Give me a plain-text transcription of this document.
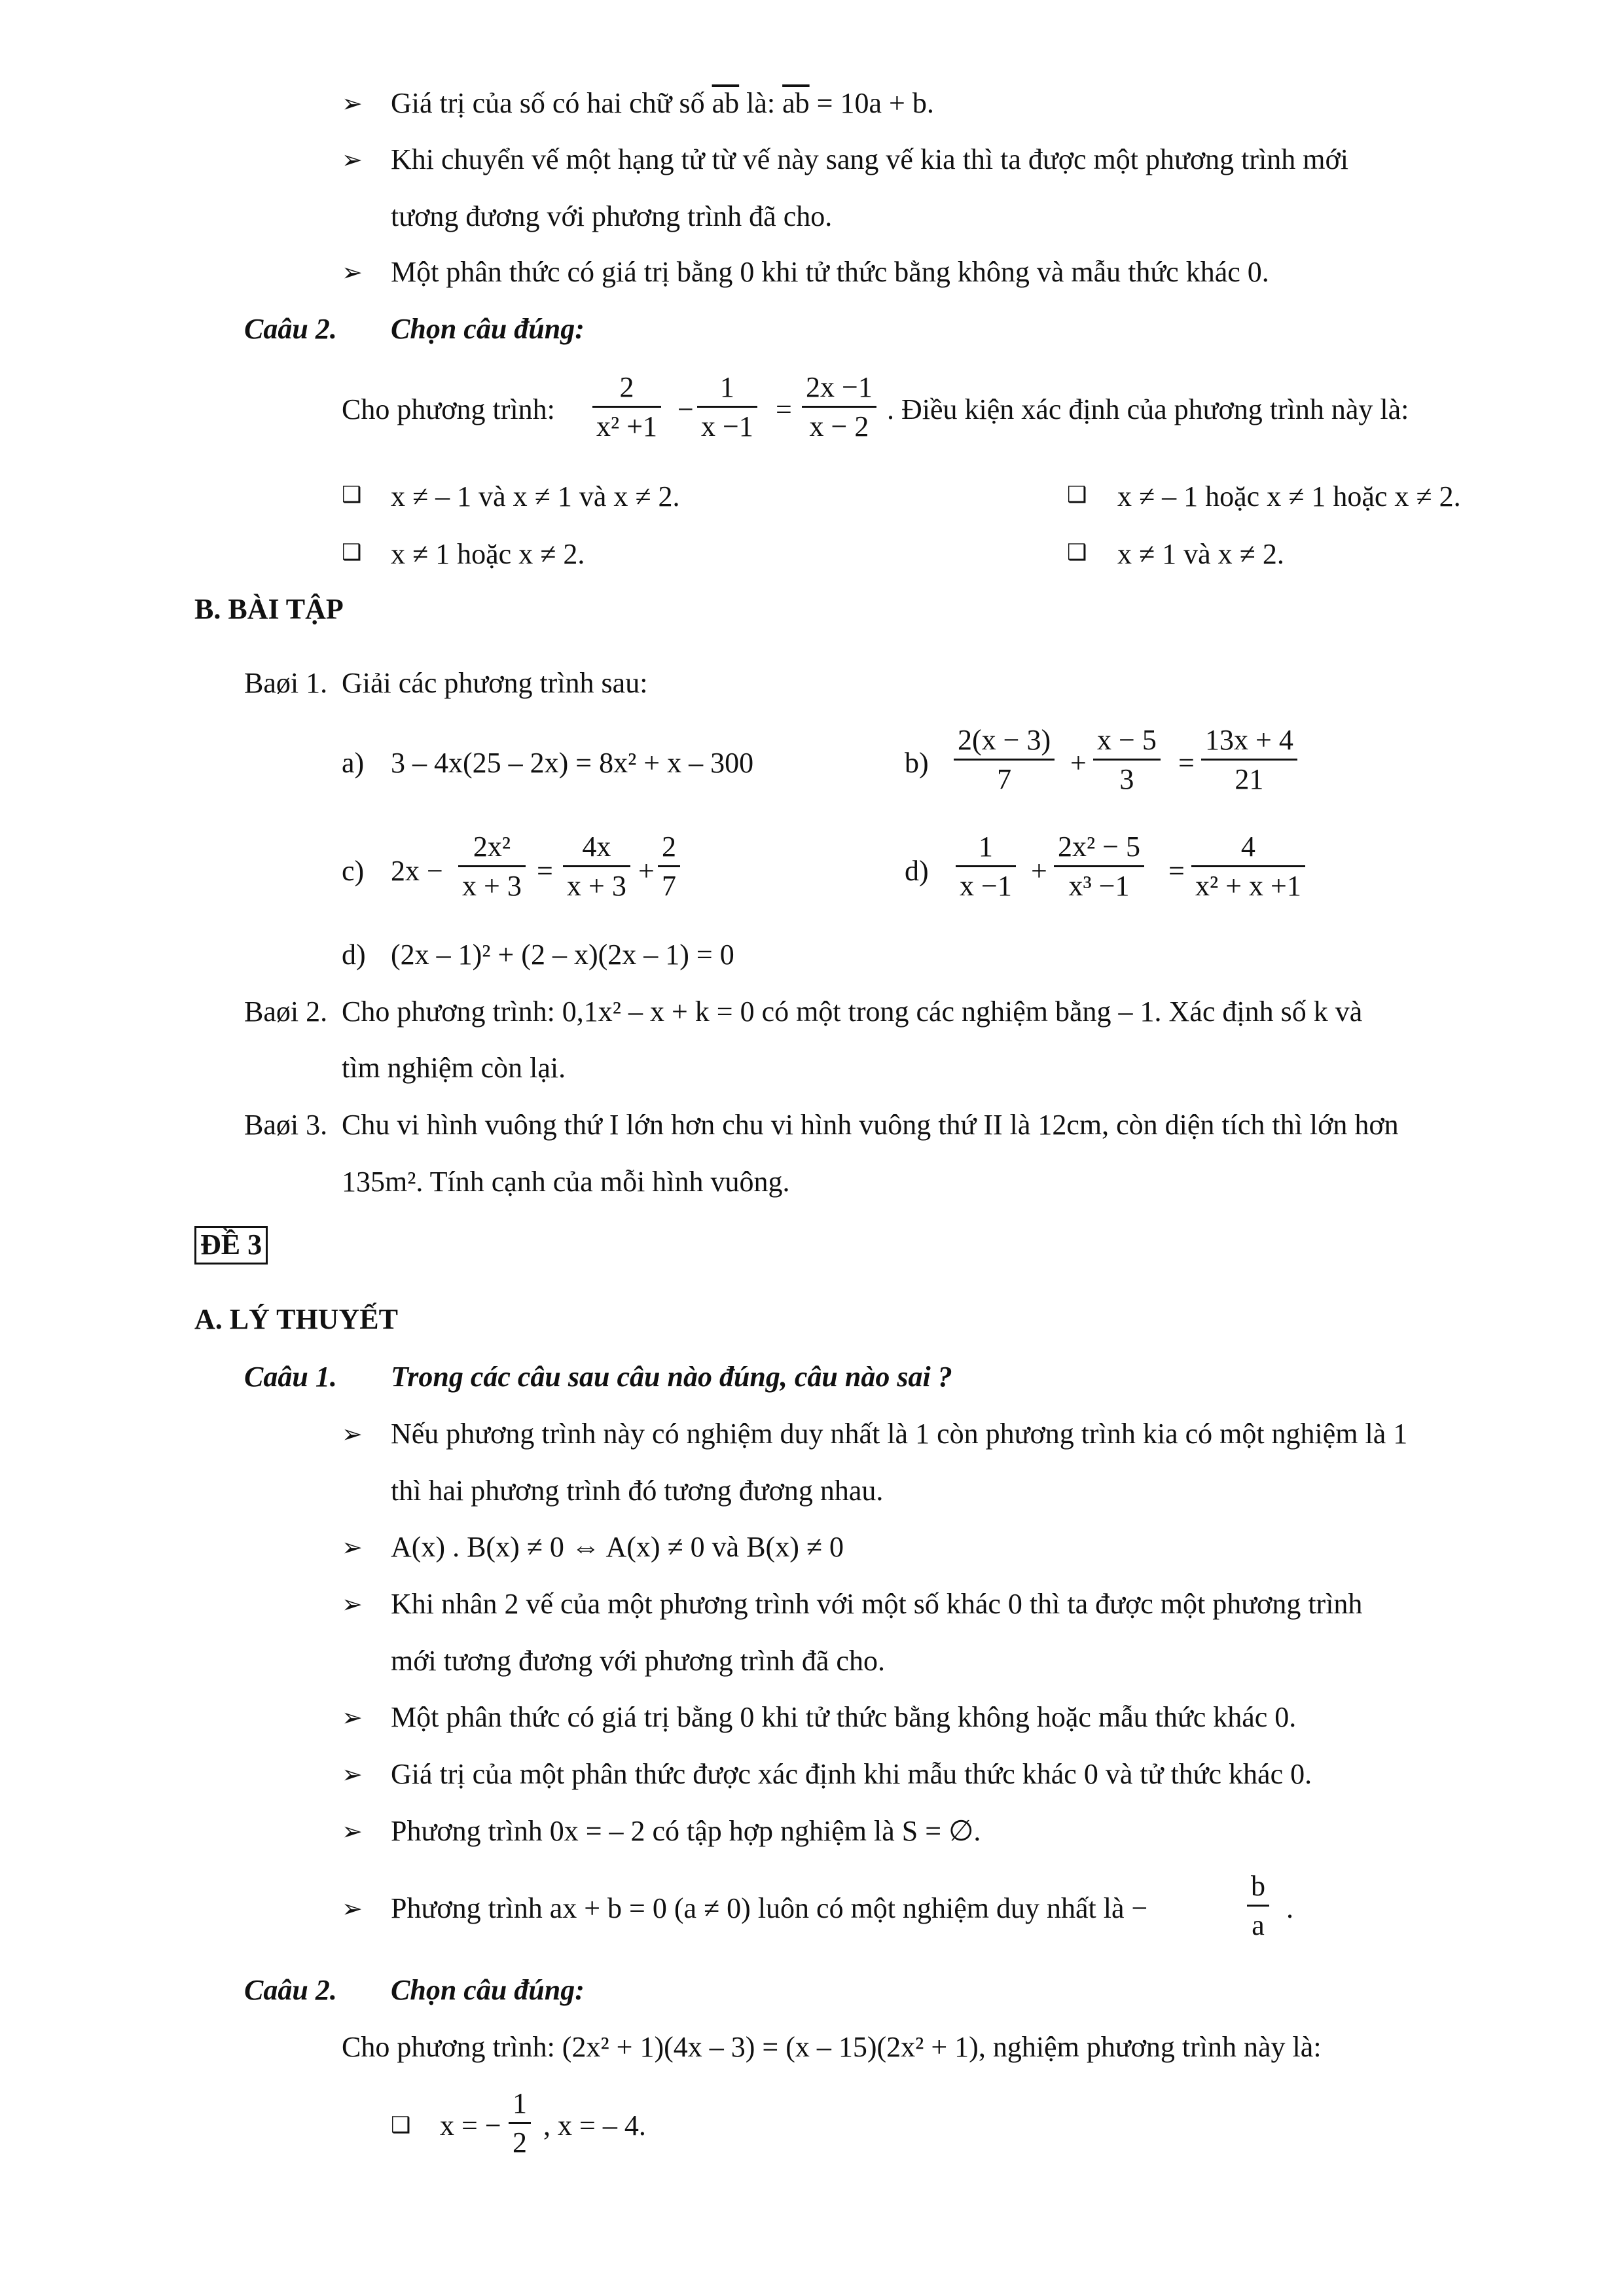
➢ Giá trị của số có hai chữ số $\overline{ab}$ là: $\overline{ab} = 10a + b$.
➢ Khi chuyển vế một hạng tử từ vế này sang vế kia thì ta được một phương trình mới
tương đương với phương trình đã cho.
➢ Một phân thức có giá trị bằng 0 khi tử thức bằng không và mẫu thức khác 0.
Caâu 2. Chọn câu đúng:
Cho phương trình: $\frac{2}{\text{x² +1}} - \frac{1}{x -1} = \frac{2x -1}{x - 2}$ . Điều kiện xác định của phương trình này là:
❑ x ≠ – 1 và x ≠ 1 và x ≠ 2.	❑ x ≠ – 1 hoặc x ≠ 1 hoặc x ≠ 2.
❑ x ≠ 1 hoặc x ≠ 2.	❑ x ≠ 1 và x ≠ 2.
B. BÀI TẬP
Baøi 1. Giải các phương trình sau:
a) 3 – 4x(25 – 2x) = 8x² + x – 300	$b) \frac{2(x - 3)}{7} + \frac{x - 5}{3} = \frac{13x + 4}{21}$
c) $2x - \frac{\text{2x²}}{x + 3} = \frac{4x}{x + 3} + \frac{2}{7}$	$d) \frac{1}{x -1} + \frac{\text{2x² − 5}}{\text{x³ −1}} = \frac{4}{\text{x² + x +1}}$
d) (2x – 1)² + (2 – x)(2x – 1) = 0
Baøi 2. Cho phương trình: 0,1x² – x + k = 0 có một trong các nghiệm bằng – 1. Xác định số k và
tìm nghiệm còn lại.
Baøi 3. Chu vi hình vuông thứ I lớn hơn chu vi hình vuông thứ II là 12cm, còn diện tích thì lớn hơn
135m². Tính cạnh của mỗi hình vuông.
ĐỀ 3
A. LÝ THUYẾT
Caâu 1. Trong các câu sau câu nào đúng, câu nào sai ?
➢ Nếu phương trình này có nghiệm duy nhất là 1 còn phương trình kia có một nghiệm là 1
thì hai phương trình đó tương đương nhau.
➢ A(x) . B(x) ≠ 0 ⇔ A(x) ≠ 0 và B(x) ≠ 0
➢ Khi nhân 2 vế của một phương trình với một số khác 0 thì ta được một phương trình
mới tương đương với phương trình đã cho.
➢ Một phân thức có giá trị bằng 0 khi tử thức bằng không hoặc mẫu thức khác 0.
➢ Giá trị của một phân thức được xác định khi mẫu thức khác 0 và tử thức khác 0.
➢ Phương trình 0x = – 2 có tập hợp nghiệm là S = ∅.
➢ Phương trình ax + b = 0 (a ≠ 0) luôn có một nghiệm duy nhất là −	$\frac{b}{a}$ .
Caâu 2. Chọn câu đúng:
Cho phương trình: (2x² + 1)(4x – 3) = (x – 15)(2x² + 1), nghiệm phương trình này là:
❑ x = − $\frac{1}{2}$ , x = – 4.
